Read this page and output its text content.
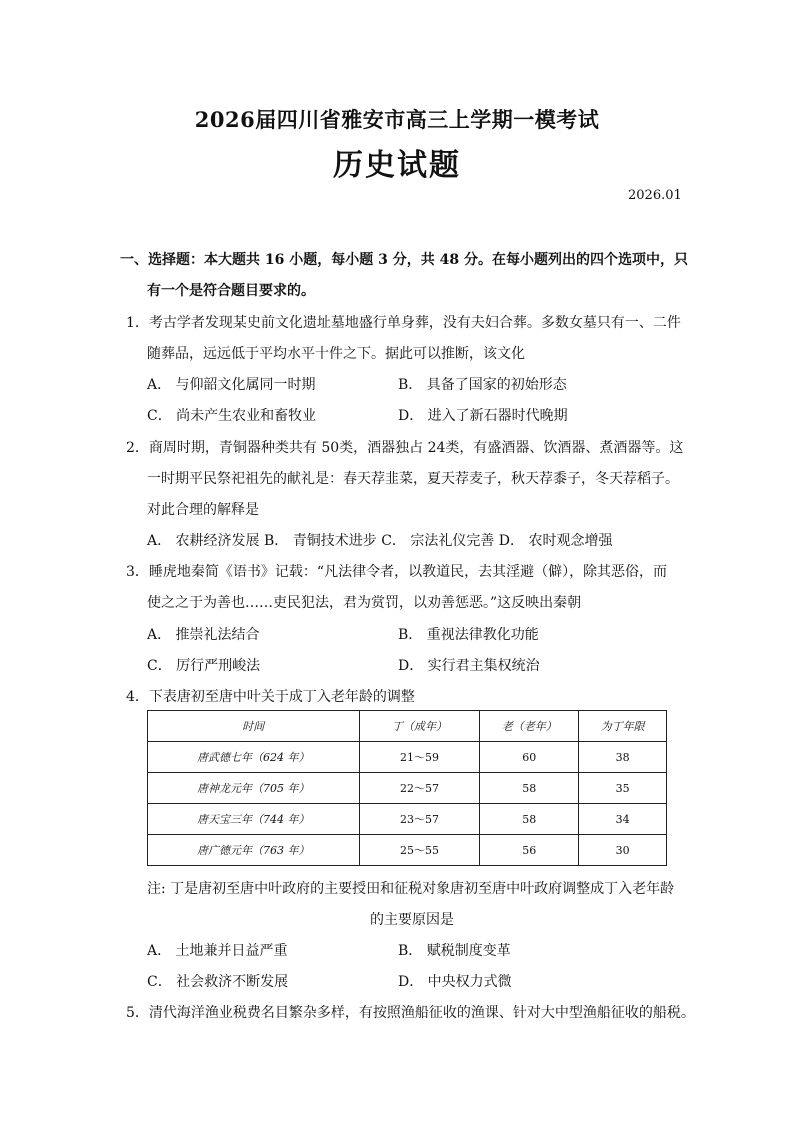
2026届四川省雅安市高三上学期一模考试
历史试题
2026.01
一、选择题：本大题共 16 小题，每小题 3 分，共 48 分。在每小题列出的四个选项中，只
有一个是符合题目要求的。
1．考古学者发现某史前文化遗址墓地盛行单身葬，没有夫妇合葬。多数女墓只有一、二件
随葬品，远远低于平均水平十件之下。据此可以推断，该文化
A． 与仰韶文化属同一时期	B． 具备了国家的初始形态
C． 尚未产生农业和畜牧业	D． 进入了新石器时代晚期
2．商周时期，青铜器种类共有 50类，酒器独占 24类，有盛酒器、饮酒器、煮酒器等。这
一时期平民祭祀祖先的献礼是：春天荐韭菜，夏天荐麦子，秋天荐黍子，冬天荐稻子。
对此合理的解释是
A． 农耕经济发展 B． 青铜技术进步 C． 宗法礼仪完善 D． 农时观念增强
3．睡虎地秦简《语书》记载：“凡法律令者，以教道民，去其淫避（僻），除其恶俗，而
使之之于为善也……吏民犯法，君为赏罚，以劝善惩恶。”这反映出秦朝
A． 推崇礼法结合	B． 重视法律教化功能
C． 厉行严刑峻法	D． 实行君主集权统治
4．下表唐初至唐中叶关于成丁入老年龄的调整
时间	丁（成年）	老（老年）	为丁年限
唐武德七年（624 年）	21～59	60	38
唐神龙元年（705 年）	22～57	58	35
唐天宝三年（744 年）	23～57	58	34
唐广德元年（763 年）	25～55	56	30
注: 丁是唐初至唐中叶政府的主要授田和征税对象唐初至唐中叶政府调整成丁入老年龄
的主要原因是
A． 土地兼并日益严重	B． 赋税制度变革
C． 社会救济不断发展	D． 中央权力式微
5．清代海洋渔业税费名目繁杂多样，有按照渔船征收的渔课、针对大中型渔船征收的船税。
